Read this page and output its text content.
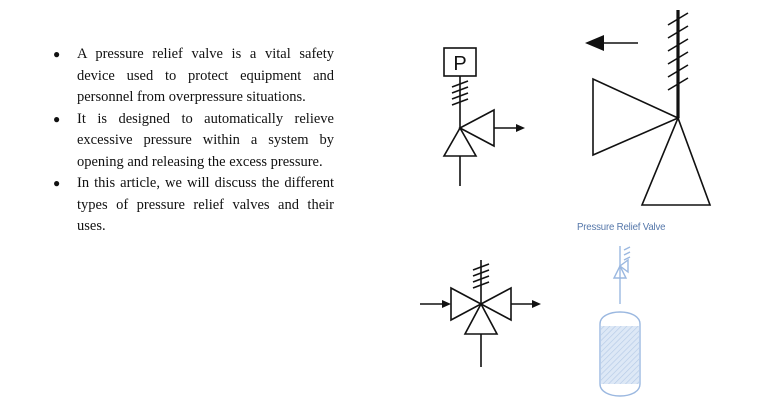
● A pressure relief valve is a vital safety device used to protect equipment and personnel from overpressure situations.
● It is designed to automatically relieve excessive pressure within a system by opening and releasing the excess pressure.
● In this article, we will discuss the different types of pressure relief valves and their uses.
P
Pressure Relief Valve
